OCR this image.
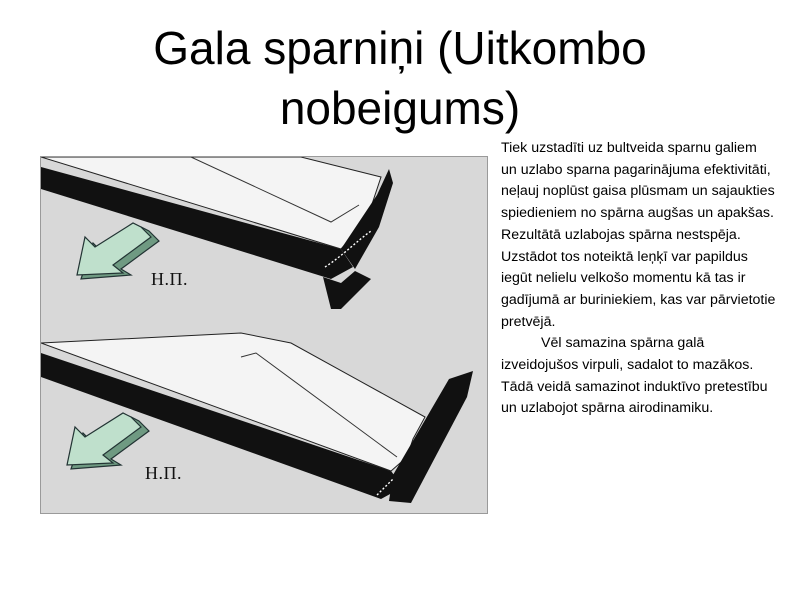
Gala sparniņi (Uitkombo
nobeigums)
Н.П.
Н.П.

Tiek uzstadīti uz bultveida sparnu galiem un uzlabo sparna pagarinājuma efektivitāti, neļauj noplūst gaisa plūsmam un sajaukties spiedieniem no spārna augšas un apakšas. Rezultātā uzlabojas spārna nestspēja. Uzstādot tos noteiktā leņķī var papildus iegūt nelielu velkošo momentu kā tas ir gadījumā ar buriniekiem, kas var pārvietotie pretvējā.

Vēl samazina spārna galā izveidojušos virpuli, sadalot to mazākos. Tādā veidā samazinot induktīvo pretestību un uzlabojot spārna airodinamiku.
